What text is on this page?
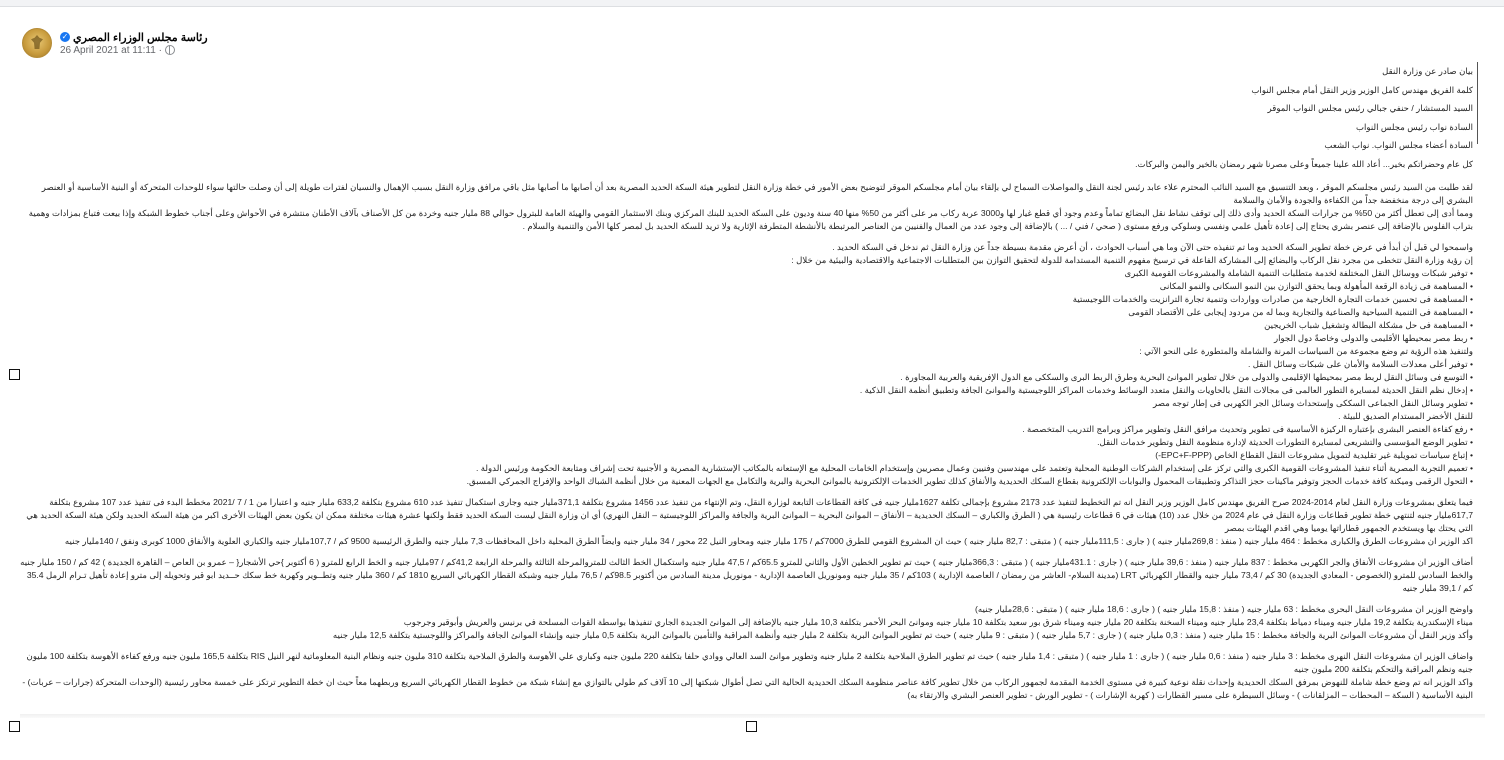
✓ رئاسة مجلس الوزراء المصري
26 April 2021 at 11:11 ·

بيان صادر عن وزارة النقل

كلمة الفريق مهندس كامل الوزير وزير النقل أمام مجلس النواب

السيد المستشار / حنفي جبالي رئيس مجلس النواب الموقر

السادة نواب رئيس مجلس النواب

السادة أعضاء مجلس النواب. نواب الشعب

كل عام وحضراتكم بخير... أعاد الله علينا جميعاً وعلى مصرنا شهر رمضان بالخير واليمن والبركات.

لقد طلبت من السيد رئيس مجلسكم الموقر ، وبعد التنسيق مع السيد النائب المحترم علاء عابد رئيس لجنة النقل والمواصلات السماح لي بإلقاء بيان أمام مجلسكم الموقر لتوضيح بعض الأمور في خطة وزارة النقل لتطوير هيئة السكة الحديد المصرية بعد أن أصابها ما أصابها مثل باقي مرافق وزارة النقل بسبب الإهمال والنسيان لفترات طويلة إلى أن وصلت حالتها سواء للوحدات المتحركة أو البنية الأساسية أو العنصر البشري إلى درجة منخفضة جداً من الكفاءة والجودة والأمان والسلامة

ومما أدى إلى تعطل أكثر من 50% من جرارات السكة الحديد وأدى ذلك إلى توقف نشاط نقل البضائع تماماً وعدم وجود أي قطع غيار لها و3000 عربة ركاب مر على أكثر من 50% منها 40 سنة وديون على السكة الحديد للبنك المركزي وبنك الاستثمار القومي والهيئة العامة للبترول حوالي 88 مليار جنيه وخردة من كل الأصناف بآلاف الأطنان منتشرة في الأحواش وعلى أجناب خطوط الشبكة وإذا بيعت فتباع بمزادات وهمية بتراب الفلوس بالإضافة إلى عنصر بشري يحتاج إلى إعادة تأهيل علمي ونفسي وسلوكي ورفع مستوى ( صحي / فني / ... ) بالإضافة إلى وجود عدد من العمال والفنيين من العناصر المرتبطة بالأنشطة المتطرفة الإثارية ولا تريد للسكة الحديد بل لمصر كلها الأمن والتنمية والسلام .

واسمحوا لي قبل أن أبدأ في عرض خطة تطوير السكة الحديد وما تم تنفيذه حتى الآن وما هي أسباب الحوادث ، أن أعرض مقدمة بسيطة جداً عن وزارة النقل ثم ندخل في السكة الحديد .

إن رؤية وزارة النقل تتخطى من مجرد نقل الركاب والبضائع إلى المشاركة الفاعلة في ترسيخ مفهوم التنمية المستدامة للدولة لتحقيق التوازن بين المتطلبات الاجتماعية والاقتصادية والبيئية من خلال :

• توفير شبكات ووسائل النقل المختلفة لخدمة متطلبات التنمية الشاملة والمشروعات القومية الكبرى

• المساهمة فى زيادة الرقعة المأهولة وبما يحقق التوازن بين النمو السكانى والنمو المكانى

• المساهمة فى تحسين خدمات التجارة الخارجية من صادرات وواردات وتنمية تجارة الترانزيت والخدمات اللوجيستية

• المساهمة فى التنمية السياحية والصناعية والتجارية وبما له من مردود إيجابى على الأقتصاد القومى

• المساهمة فى حل مشكلة البطالة وتشغيل شباب الخريجين

• ربط مصر بمحيطها الأقليمى والدولى وخاصةً دول الجوار

ولتنفيذ هذه الرؤية تم وضع مجموعة من السياسات المرنة والشاملة والمتطورة على النحو الآتي :

• توفير أعلى معدلات السلامة والأمان على شبكات وسائل النقل .

• التوسع فى وسائل النقل لربط مصر بمحيطها الإقليمى والدولى من خلال تطوير الموانئ البحرية وطرق الربط البرى والسككى مع الدول الإفريقية والعربية المجاورة .

• إدخال نظم النقل الحديثة لمسايرة التطور العالمى فى مجالات النقل بالحاويات والنقل متعدد الوسائط وخدمات المراكز اللوجيستية والموانئ الجافة وتطبيق أنظمة النقل الذكية .

• تطوير وسائل النقل الجماعى السككى وإستحداث وسائل الجر الكهربى فى إطار توجه مصر

للنقل الأخضر المستدام الصديق للبيئة .

• رفع كفاءة العنصر البشرى بإعتباره الركيزة الأساسية فى تطوير وتحديث مرافق النقل وتطوير مراكز وبرامج التدريب المتخصصة .

• تطوير الوضع المؤسسى والتشريعى لمسايرة التطورات الحديثة لإدارة منظومة النقل وتطوير خدمات النقل.

• إتباع سياسات تمويلية غير تقليدية لتمويل مشروعات النقل القطاع الخاص (EPC+F-PPP-)

• تعميم التجربة المصرية أثناء تنفيذ المشروعات القومية الكبرى والتي تركز على إستخدام الشركات الوطنية المحلية وتعتمد على مهندسين وفنيين وعمال مصريين وإستخدام الخامات المحلية مع الإستعانه بالمكاتب الإستشارية المصرية و الأجنبية تحت إشراف ومتابعة الحكومة ورئيس الدولة .

• التحول الرقمى وميكنة كافة خدمات الحجز وتوفير ماكينات حجز التذاكر وتطبيقات المحمول والبوابات الإلكترونية بقطاع السكك الحديدية والأنفاق كذلك تطوير الخدمات الإلكترونية بالموانئ البحرية والبرية والتكامل مع الجهات المعنية من خلال أنظمة الشباك الواحد والإفراج الجمركي المسبق.

فيما يتعلق بمشروعات وزارة النقل لعام 2014-2024 صرح الفريق مهندس كامل الوزير وزير النقل انه تم التخطيط لتنفيذ عدد 2173 مشروع بإجمالى تكلفة 1627مليار جنيه فى كافة القطاعات التابعة لوزارة النقل، وتم الإنتهاء من تنفيذ عدد 1456 مشروع بتكلفة 371,1مليار جنيه وجارى استكمال تنفيذ عدد 610 مشروع بتكلفة 633,2 مليار جنيه و اعتبارا من 1 / 7 /2021 مخطط البدء فى تنفيذ عدد 107 مشروع بتكلفة 617,7مليار جنيه لتنتهي خطة تطوير قطاعات وزارة النقل في عام 2024 من خلال عدد (10) هيئات في 6 قطاعات رئيسية هي ( الطرق والكباري – السكك الحديدية – الأنفاق – الموانئ البحرية – الموانئ البرية والجافة والمراكز اللوجيستية – النقل النهري) أي ان وزارة النقل ليست السكة الحديد فقط ولكنها عشرة هيئات مختلفة ممكن ان يكون بعض الهيئات الأخرى اكبر من هيئة السكة الحديد ولكن هيئة السكة الحديد هي التي يحتك بها ويستخدم الجمهور قطاراتها يوميا وهي اقدم الهيئات بمصر

اكد الوزير ان مشروعات الطرق والكبارى مخطط : 464 مليار جنيه ( منفذ : 269,8مليار جنيه ) ( جارى : 111,5مليار جنيه ) ( متبقى : 82,7 مليار جنيه ) حيث ان المشروع القومي للطرق 7000كم / 175 مليار جنيه ومحاور النيل 22 محور / 34 مليار جنيه وايضاً الطرق المحلية داخل المحافظات 7,3 مليار جنيه والطرق الرئيسية 9500 كم / 107,7مليار جنيه والكباري العلوية والأنفاق 1000 كوبرى ونفق / 140مليار جنيه

أضاف الوزير ان مشروعات الأنفاق والجر الكهربى مخطط : 837 مليار جنيه ( منفذ : 39,6 مليار جنيه ) ( جارى : 431.1مليار جنيه ) ( متبقى : 366,3مليار جنيه ) حيث تم تطوير الخطين الأول والثاني للمترو 65.5كم / 47,5 مليار جنيه واستكمال الخط الثالث للمتروالمرحلة الثالثة والمرحلة الرابعة 41,2كم / 97مليار جنيه و الخط الرابع للمترو ( 6 أكتوبر }حي الأشجار{ – عمرو بن العاص – القاهرة الجديدة ) 42 كم / 150 مليار جنيه والخط السادس للمترو (الخصوص - المعادي الجديدة) 30 كم / 73,4 مليار جنيه والقطار الكهربائي LRT (مدينة السلام- العاشر من رمضان / العاصمة الإدارية ) 103كم / 35 مليار جنيه ومونوريل العاصمة الإدارية - مونوريل مدينة السادس من أكتوبر 98.5كم / 76,5 مليار جنيه وشبكة القطار الكهربائي السريع 1810 كم / 360 مليار جنيه وتطــوير وكهربة خط سكك حــديد ابو قير وتحويله إلى مترو إعادة تأهيل تـرام الرمل 35.4 كم / 39,1 مليار جنيه

واوضح الوزير ان مشروعات النقل البحرى مخطط : 63 مليار جنيه ( منفذ : 15,8 مليار جنيه ) ( جارى : 18,6 مليار جنيه ) ( متبقى : 28,6مليار جنيه)

ميناء الإسكندرية بتكلفة 19,2 مليار جنيه وميناء دمياط بتكلفة 23,4 مليار جنيه وميناء السخنة بتكلفة 20 مليار جنيه وميناء شرق بور سعيد بتكلفة 10 مليار جنيه وموانئ البحر الأحمر بتكلفة 10,3 مليار جنيه بالإضافة إلى الموانئ الجديدة الجاري تنفيذها بواسطة القوات المسلحة في برنيس والعريش وأبوقير وجرجوب

وأكد وزير النقل أن مشروعات الموانئ البرية والجافة مخطط : 15 مليار جنيه ( منفذ : 0,3 مليار جنيه ) ( جارى : 5,7 مليار جنيه ) ( متبقى : 9 مليار جنيه ) حيث تم تطوير الموانئ البرية بتكلفة 2 مليار جنيه وأنظمة المراقبة والتأمين بالموانئ البرية بتكلفة 0,5 مليار جنيه وإنشاء الموانئ الجافة والمراكز واللوجستية بتكلفة 12,5 مليار جنيه

واضاف الوزير ان مشروعات النقل النهرى مخطط : 3 مليار جنيه ( منفذ : 0,6 مليار جنيه ) ( جارى : 1 مليار جنيه ) ( متبقى : 1,4 مليار جنيه ) حيث تم تطوير الطرق الملاحية بتكلفة 2 مليار جنيه وتطوير موانئ السد العالي ووادي حلفا بتكلفة 220 مليون جنيه وكباري علي الأهوسة والطرق الملاحية بتكلفة 310 مليون جنيه ونظام البنية المعلوماتية لنهر النيل RIS بتكلفة 165,5 مليون جنيه ورفع كفاءة الأهوسة بتكلفة 100 مليون جنيه ونظم المراقبة والتحكم بتكلفة 200 مليون جنيه

واكد الوزير انه تم وضع خطة شاملة للنهوض بمرفق السكك الحديدية وإحداث نقلة نوعية كبيرة في مستوى الخدمة المقدمة لجمهور الركاب من خلال تطوير كافة عناصر منظومة السكك الحديدية الحالية التي تصل أطوال شبكتها إلى 10 آلاف كم طولي بالتوازي مع إنشاء شبكة من خطوط القطار الكهربائي السريع وربطهما معاً حيث ان خطة التطوير ترتكز على خمسة محاور رئيسية (الوحدات المتحركة (جرارات – عربات) - البنية الأساسية ( السكة – المحطات – المزلقانات ) - وسائل السيطرة على مسير القطارات ( كهربة الإشارات ) - تطوير الورش - تطوير العنصر البشري والارتقاء به)
